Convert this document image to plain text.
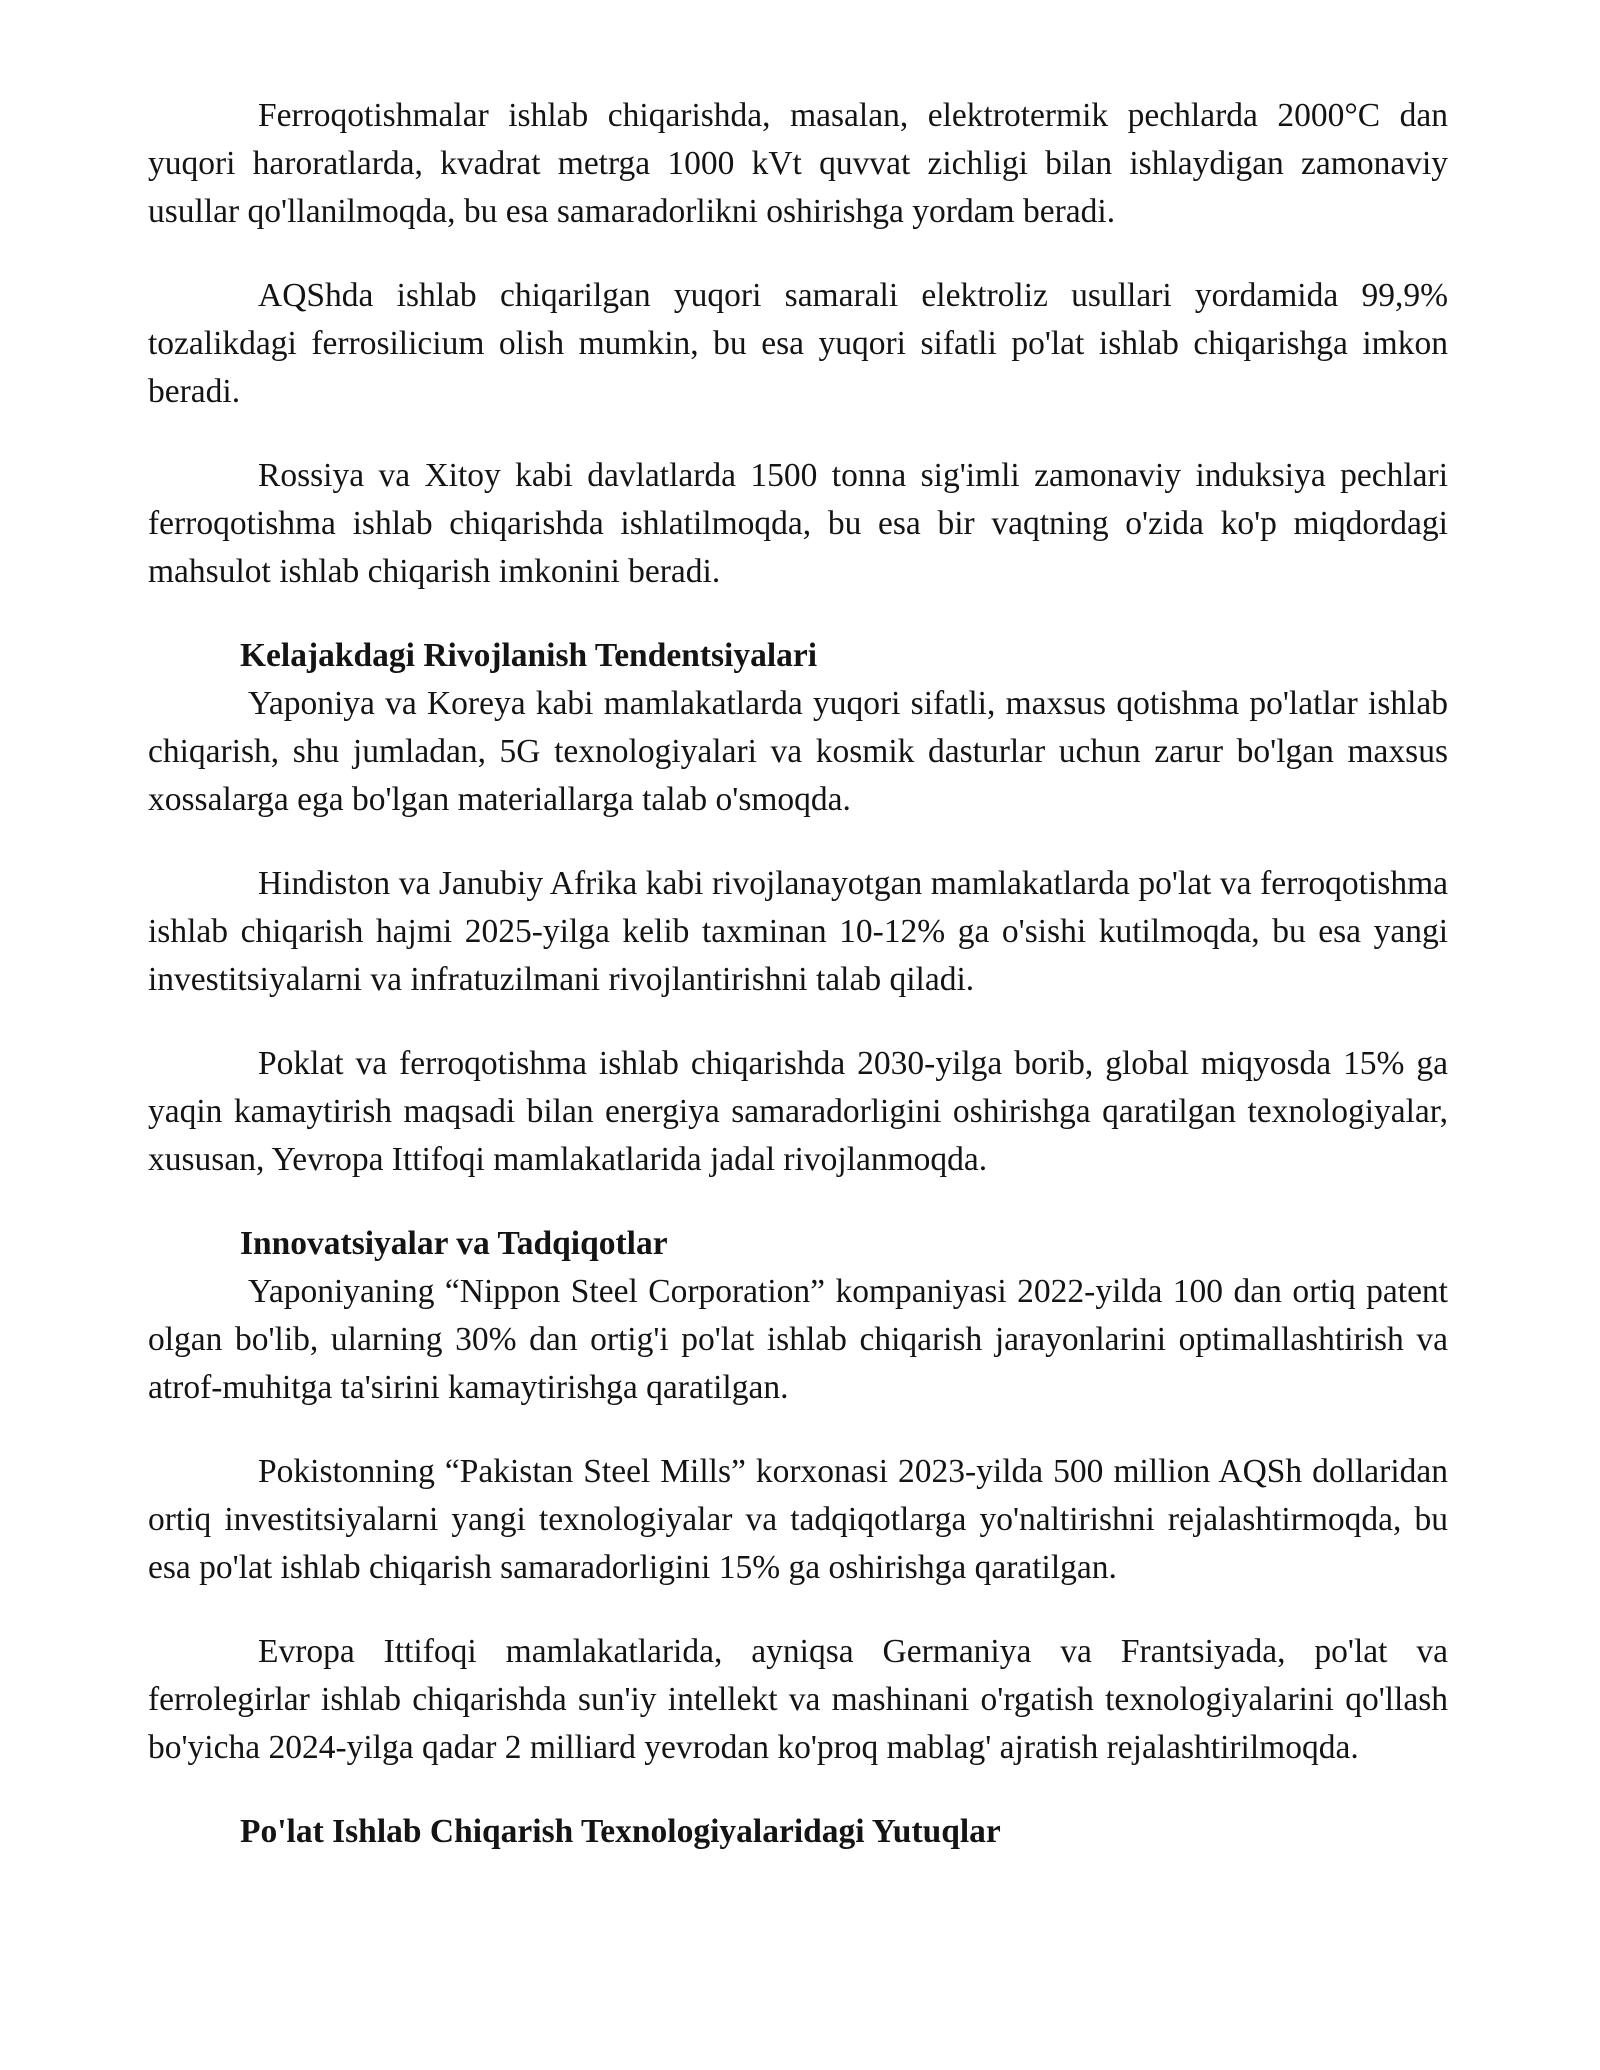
Ferroqotishmalar ishlab chiqarishda, masalan, elektrotermik pechlarda 2000°C dan yuqori haroratlarda, kvadrat metrga 1000 kVt quvvat zichligi bilan ishlaydigan zamonaviy usullar qo'llanilmoqda, bu esa samaradorlikni oshirishga yordam beradi.

AQShda ishlab chiqarilgan yuqori samarali elektroliz usullari yordamida 99,9% tozalikdagi ferrosilicium olish mumkin, bu esa yuqori sifatli po'lat ishlab chiqarishga imkon beradi.

Rossiya va Xitoy kabi davlatlarda 1500 tonna sig'imli zamonaviy induksiya pechlari ferroqotishma ishlab chiqarishda ishlatilmoqda, bu esa bir vaqtning o'zida ko'p miqdordagi mahsulot ishlab chiqarish imkonini beradi.

Kelajakdagi Rivojlanish Tendentsiyalari

Yaponiya va Koreya kabi mamlakatlarda yuqori sifatli, maxsus qotishma po'latlar ishlab chiqarish, shu jumladan, 5G texnologiyalari va kosmik dasturlar uchun zarur bo'lgan maxsus xossalarga ega bo'lgan materiallarga talab o'smoqda.

Hindiston va Janubiy Afrika kabi rivojlanayotgan mamlakatlarda po'lat va ferroqotishma ishlab chiqarish hajmi 2025-yilga kelib taxminan 10-12% ga o'sishi kutilmoqda, bu esa yangi investitsiyalarni va infratuzilmani rivojlantirishni talab qiladi.

Poklat va ferroqotishma ishlab chiqarishda 2030-yilga borib, global miqyosda 15% ga yaqin kamaytirish maqsadi bilan energiya samaradorligini oshirishga qaratilgan texnologiyalar, xususan, Yevropa Ittifoqi mamlakatlarida jadal rivojlanmoqda.

Innovatsiyalar va Tadqiqotlar

Yaponiyaning “Nippon Steel Corporation” kompaniyasi 2022-yilda 100 dan ortiq patent olgan bo'lib, ularning 30% dan ortig'i po'lat ishlab chiqarish jarayonlarini optimallashtirish va atrof-muhitga ta'sirini kamaytirishga qaratilgan.

Pokistonning “Pakistan Steel Mills” korxonasi 2023-yilda 500 million AQSh dollaridan ortiq investitsiyalarni yangi texnologiyalar va tadqiqotlarga yo'naltirishni rejalashtirmoqda, bu esa po'lat ishlab chiqarish samaradorligini 15% ga oshirishga qaratilgan.

Evropa Ittifoqi mamlakatlarida, ayniqsa Germaniya va Frantsiyada, po'lat va ferrolegirlar ishlab chiqarishda sun'iy intellekt va mashinani o'rgatish texnologiyalarini qo'llash bo'yicha 2024-yilga qadar 2 milliard yevrodan ko'proq mablag' ajratish rejalashtirilmoqda.

Po'lat Ishlab Chiqarish Texnologiyalaridagi Yutuqlar
